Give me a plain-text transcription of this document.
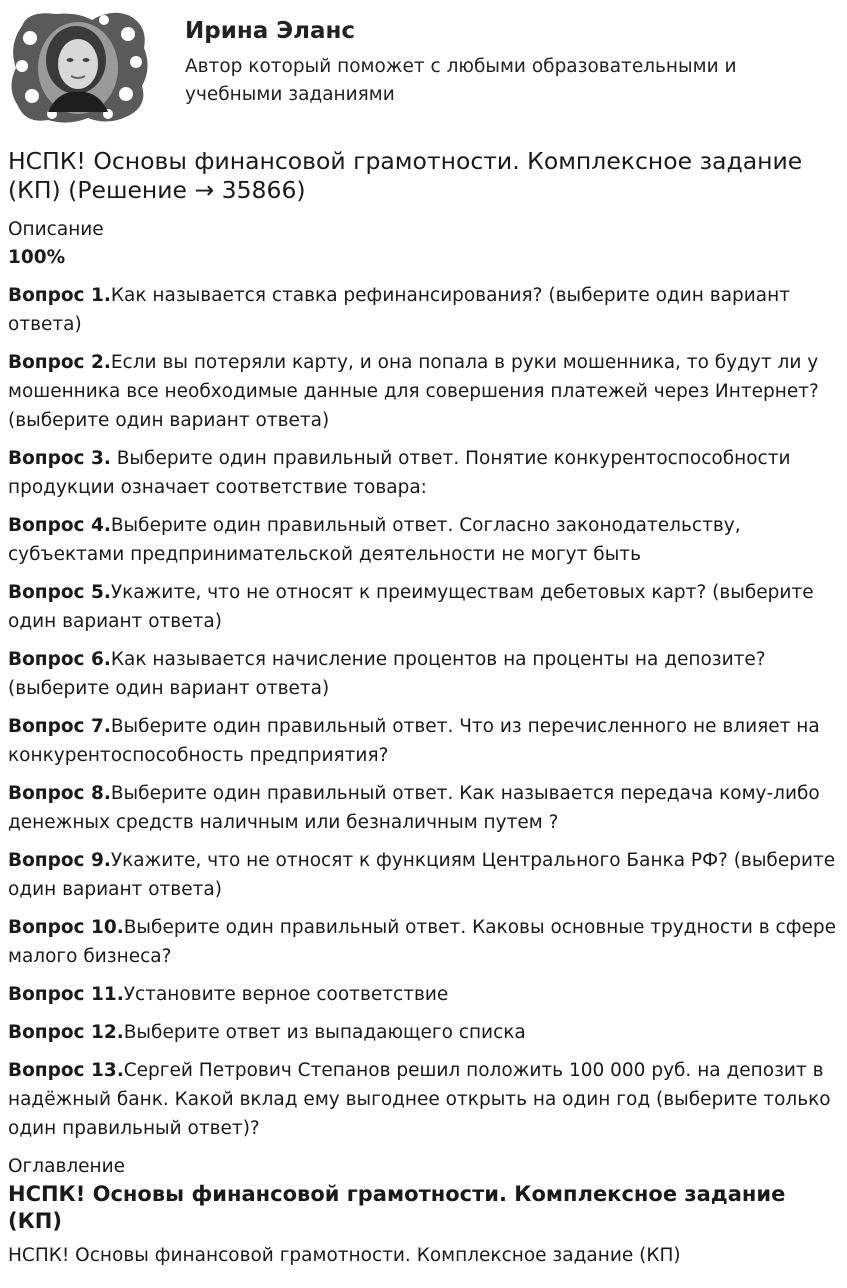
Ирина Эланс
Автор который поможет с любыми образовательными и учебными заданиями
НСПК! Основы финансовой грамотности. Комплексное задание (КП) (Решение → 35866)
Описание
100%
Вопрос 1.Как называется ставка рефинансирования? (выберите один вариант ответа)
Вопрос 2.Если вы потеряли карту, и она попала в руки мошенника, то будут ли у мошенника все необходимые данные для совершения платежей через Интернет? (выберите один вариант ответа)
Вопрос 3. Выберите один правильный ответ. Понятие конкурентоспособности продукции означает соответствие товара:
Вопрос 4.Выберите один правильный ответ. Согласно законодательству, субъектами предпринимательской деятельности не могут быть
Вопрос 5.Укажите, что не относят к преимуществам дебетовых карт? (выберите один вариант ответа)
Вопрос 6.Как называется начисление процентов на проценты на депозите? (выберите один вариант ответа)
Вопрос 7.Выберите один правильный ответ. Что из перечисленного не влияет на конкурентоспособность предприятия?
Вопрос 8.Выберите один правильный ответ. Как называется передача кому-либо денежных средств наличным или безналичным путем ?
Вопрос 9.Укажите, что не относят к функциям Центрального Банка РФ? (выберите один вариант ответа)
Вопрос 10.Выберите один правильный ответ. Каковы основные трудности в сфере малого бизнеса?
Вопрос 11.Установите верное соответствие
Вопрос 12.Выберите ответ из выпадающего списка
Вопрос 13.Сергей Петрович Степанов решил положить 100 000 руб. на депозит в надёжный банк. Какой вклад ему выгоднее открыть на один год (выберите только один правильный ответ)?
Оглавление
НСПК! Основы финансовой грамотности. Комплексное задание (КП)
НСПК! Основы финансовой грамотности. Комплексное задание (КП)
